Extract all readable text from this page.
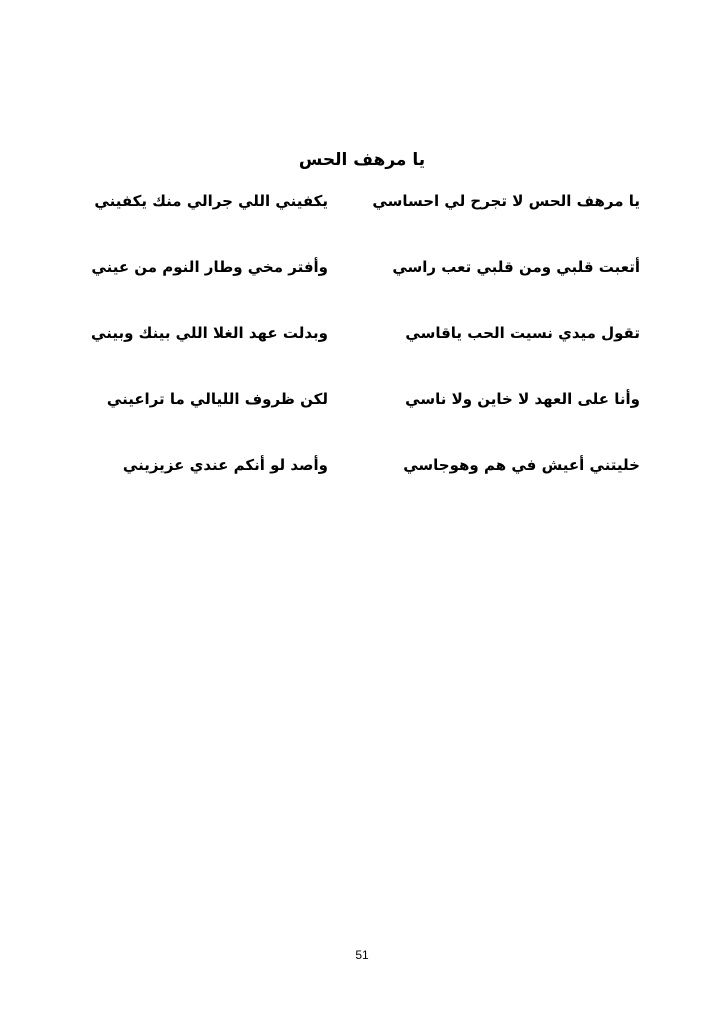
يا مرهف الحس
يا مرهف الحس لا تجرح لي احساسي
يكفيني اللي جرالي منك يكفيني
أتعبت قلبي ومن قلبي تعب راسي
وأفتر مخي وطار النوم من عيني
تقول ميدي نسيت الحب ياقاسي
وبدلت عهد الغلا اللي بينك وبيني
وأنا على العهد لا خاين ولا ناسي
لكن ظروف الليالي ما تراعيني
خليتني أعيش في هم وهوجاسي
وأصد لو أنكم عندي عزيزيني
51
